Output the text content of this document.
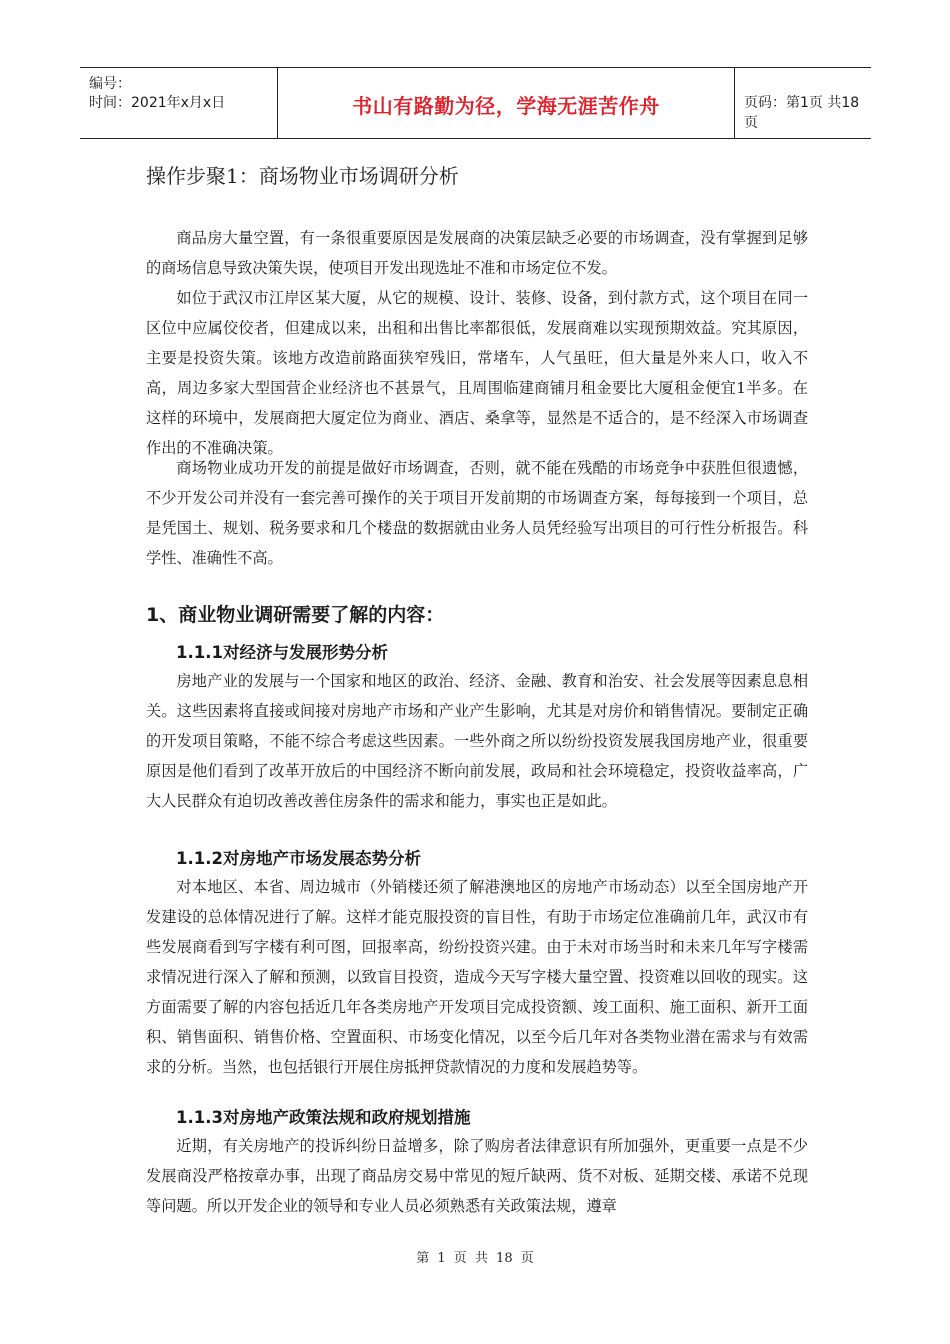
编号：
时间：2021年x月x日	书山有路勤为径，学海无涯苦作舟	页码：第1页 共18页
操作步聚1：商场物业市场调研分析

商品房大量空置，有一条很重要原因是发展商的决策层缺乏必要的市场调查，没有掌握到足够的商场信息导致决策失误，使项目开发出现选址不准和市场定位不发。

如位于武汉市江岸区某大厦，从它的规模、设计、装修、设备，到付款方式，这个项目在同一区位中应属佼佼者，但建成以来，出租和出售比率都很低，发展商难以实现预期效益。究其原因，主要是投资失策。该地方改造前路面狭窄残旧，常堵车，人气虽旺，但大量是外来人口，收入不高，周边多家大型国营企业经济也不甚景气，且周围临建商铺月租金要比大厦租金便宜1半多。在这样的环境中，发展商把大厦定位为商业、酒店、桑拿等，显然是不适合的，是不经深入市场调查作出的不准确决策。

商场物业成功开发的前提是做好市场调查，否则，就不能在残酷的市场竞争中获胜但很遗憾，不少开发公司并没有一套完善可操作的关于项目开发前期的市场调查方案，每每接到一个项目，总是凭国土、规划、税务要求和几个楼盘的数据就由业务人员凭经验写出项目的可行性分析报告。科学性、准确性不高。

1、商业物业调研需要了解的内容：
1.1.1对经济与发展形势分析

房地产业的发展与一个国家和地区的政治、经济、金融、教育和治安、社会发展等因素息息相关。这些因素将直接或间接对房地产市场和产业产生影响，尤其是对房价和销售情况。要制定正确的开发项目策略，不能不综合考虑这些因素。一些外商之所以纷纷投资发展我国房地产业，很重要原因是他们看到了改革开放后的中国经济不断向前发展，政局和社会环境稳定，投资收益率高，广大人民群众有迫切改善改善住房条件的需求和能力，事实也正是如此。

1.1.2对房地产市场发展态势分析

对本地区、本省、周边城市（外销楼还须了解港澳地区的房地产市场动态）以至全国房地产开发建设的总体情况进行了解。这样才能克服投资的盲目性，有助于市场定位准确前几年，武汉市有些发展商看到写字楼有利可图，回报率高，纷纷投资兴建。由于未对市场当时和未来几年写字楼需求情况进行深入了解和预测，以致盲目投资，造成今天写字楼大量空置、投资难以回收的现实。这方面需要了解的内容包括近几年各类房地产开发项目完成投资额、竣工面积、施工面积、新开工面积、销售面积、销售价格、空置面积、市场变化情况，以至今后几年对各类物业潜在需求与有效需求的分析。当然，也包括银行开展住房抵押贷款情况的力度和发展趋势等。

1.1.3对房地产政策法规和政府规划措施

近期，有关房地产的投诉纠纷日益增多，除了购房者法律意识有所加强外，更重要一点是不少发展商没严格按章办事，出现了商品房交易中常见的短斤缺两、货不对板、延期交楼、承诺不兑现等问题。所以开发企业的领导和专业人员必须熟悉有关政策法规，遵章

第 1 页 共 18 页
